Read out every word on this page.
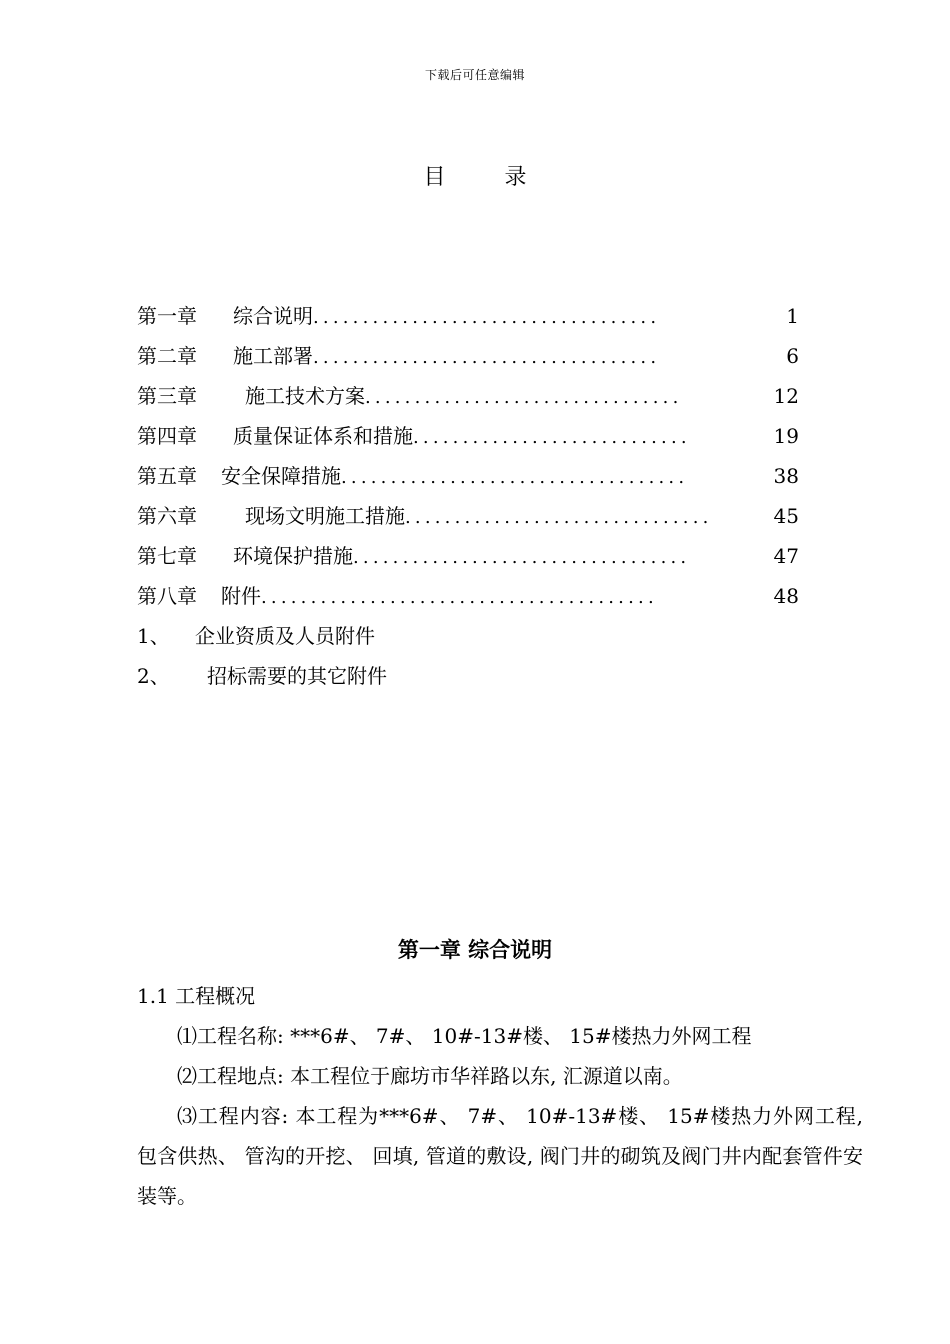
下载后可任意编辑
目 录
第一章 综合说明 ...................................	1
第二章 施工部署 ...................................	6
第三章 施工技术方案 ................................	12
第四章 质量保证体系和措施 ............................	19
第五章 安全保障措施 ...................................	38
第六章 现场文明施工措施 ...............................	45
第七章 环境保护措施 ..................................	47
第八章 附件 ........................................	48
1、 企业资质及人员附件
2、 招标需要的其它附件
第一章 综合说明

1.1 工程概况

⑴工程名称: ***6#、 7#、 10#-13#楼、 15#楼热力外网工程

⑵工程地点: 本工程位于廊坊市华祥路以东, 汇源道以南。

⑶工程内容: 本工程为***6#、 7#、 10#-13#楼、 15#楼热力外网工程, 包含供热、 管沟的开挖、 回填, 管道的敷设, 阀门井的砌筑及阀门井内配套管件安装等。
